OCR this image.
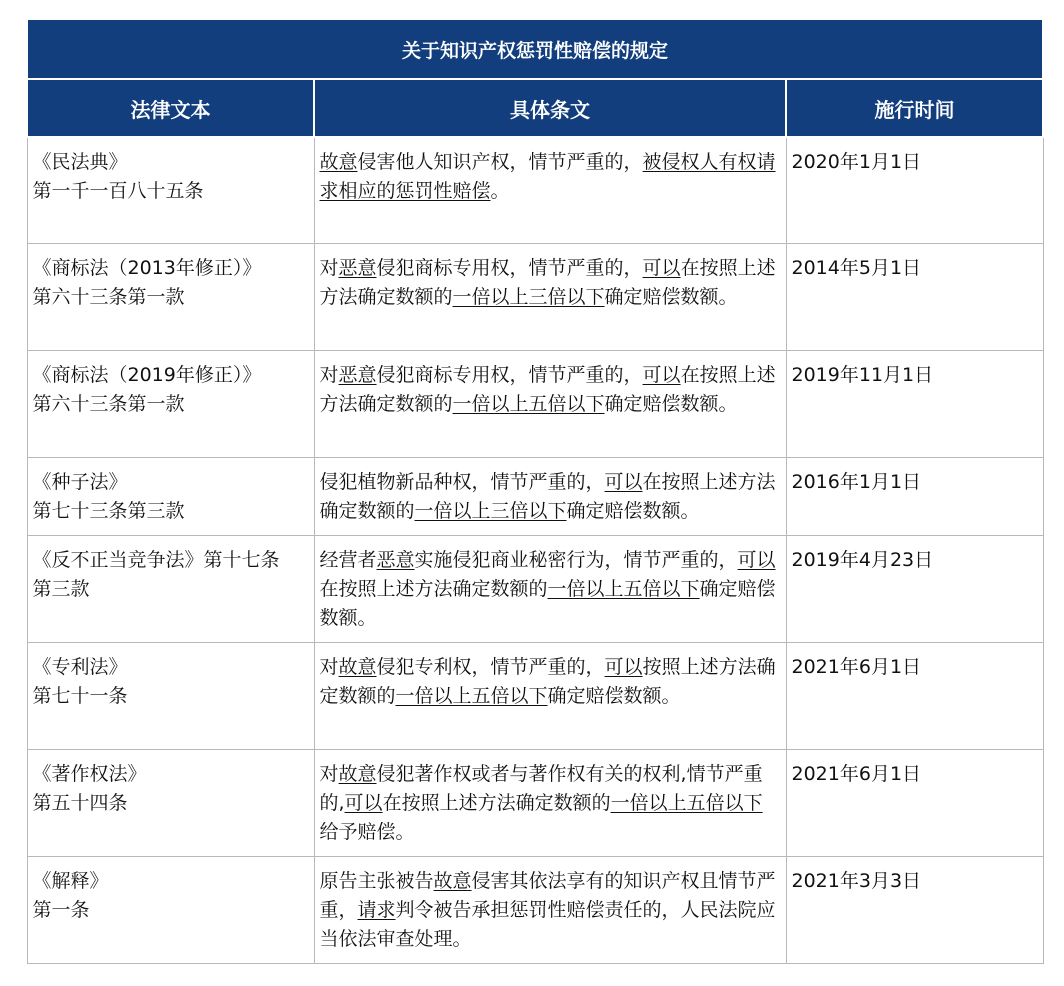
关于知识产权惩罚性赔偿的规定		
法律文本	具体条文	施行时间

《民法典》
第一千一百八十五条	故意侵害他人知识产权，情节严重的，被侵权人有权请求相应的惩罚性赔偿。	2020年1月1日

《商标法（2013年修正）》
第六十三条第一款	对恶意侵犯商标专用权，情节严重的，可以在按照上述方法确定数额的一倍以上三倍以下确定赔偿数额。	2014年5月1日

《商标法（2019年修正）》
第六十三条第一款	对恶意侵犯商标专用权，情节严重的，可以在按照上述方法确定数额的一倍以上五倍以下确定赔偿数额。	2019年11月1日

《种子法》
第七十三条第三款	侵犯植物新品种权，情节严重的，可以在按照上述方法确定数额的一倍以上三倍以下确定赔偿数额。	2016年1月1日

《反不正当竞争法》第十七条
第三款	经营者恶意实施侵犯商业秘密行为，情节严重的，可以在按照上述方法确定数额的一倍以上五倍以下确定赔偿数额。	2019年4月23日

《专利法》
第七十一条	对故意侵犯专利权，情节严重的，可以按照上述方法确定数额的一倍以上五倍以下确定赔偿数额。	2021年6月1日

《著作权法》
第五十四条	对故意侵犯著作权或者与著作权有关的权利,情节严重的,可以在按照上述方法确定数额的一倍以上五倍以下给予赔偿。	2021年6月1日

《解释》
第一条	原告主张被告故意侵害其依法享有的知识产权且情节严重，请求判令被告承担惩罚性赔偿责任的，人民法院应当依法审查处理。	2021年3月3日
